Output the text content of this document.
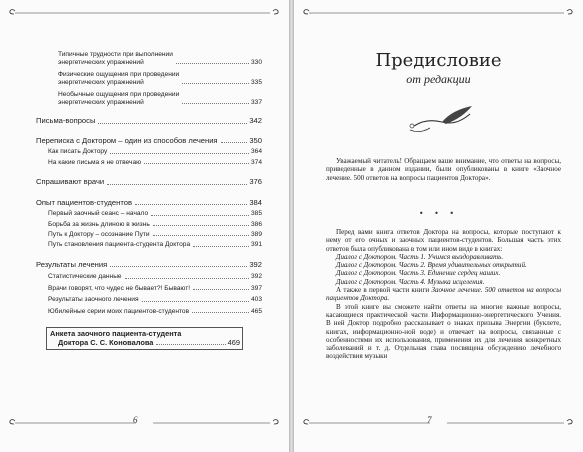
Типичные трудности при выполнении
энергетических упражнений	330
Физические ощущения при проведении
энергетических упражнений	335
Необычные ощущения при проведении
энергетических упражнений	337
Письма-вопросы	342
Переписка с Доктором – один из способов лечения	350
Как писать Доктору	364
На какие письма я не отвечаю	374
Спрашивают врачи	376
Опыт пациентов-студентов	384
Первый заочный сеанс – начало	385
Борьба за жизнь длиною в жизнь	386
Путь к Доктору – осознание Пути	389
Путь становления пациента-студента Доктора	391
Результаты лечения	392
Статистические данные	392
Врачи говорят, что чудес не бывает?! Бывают!	397
Результаты заочного лечения	403
Юбилейные серии моих пациентов-студентов	465
Анкета заочного пациента-студента
Доктора С. С. Коновалова	469
6
Предисловие
от редакции

Уважаемый читатель! Обращаем ваше внимание, что ответы на вопросы, приведенные в данном издании, были опубликованы в книге «Заочное лечение. 500 ответов на вопросы пациентов Доктора».

• • •

Перед вами книга ответов Доктора на вопросы, которые поступают к нему от его очных и заочных пациентов-студентов. Большая часть этих ответов была опубликована в том или ином виде в книгах:

Диалог с Доктором. Часть 1. Учимся выздоравливать.

Диалог с Доктором. Часть 2. Время удивительных открытий.

Диалог с Доктором. Часть 3. Единение сердец наших.

Диалог с Доктором. Часть 4. Музыка исцеления.

А также в первой части книги Заочное лечение. 500 ответов на вопросы пациентов Доктора.

В этой книге вы сможете найти ответы на многие важные вопросы, касающиеся практической части Информационно-энергетического Учения. В ней Доктор подробно рассказывает о знаках призыва Энергии (буклете, книгах, информационно-ной воде) и отвечает на вопросы, связанные с особенностями их использования, применения их для лечения конкретных заболеваний и т. д. Отдельная глава посвящена обсуждению лечебного воздействия музыки

7
